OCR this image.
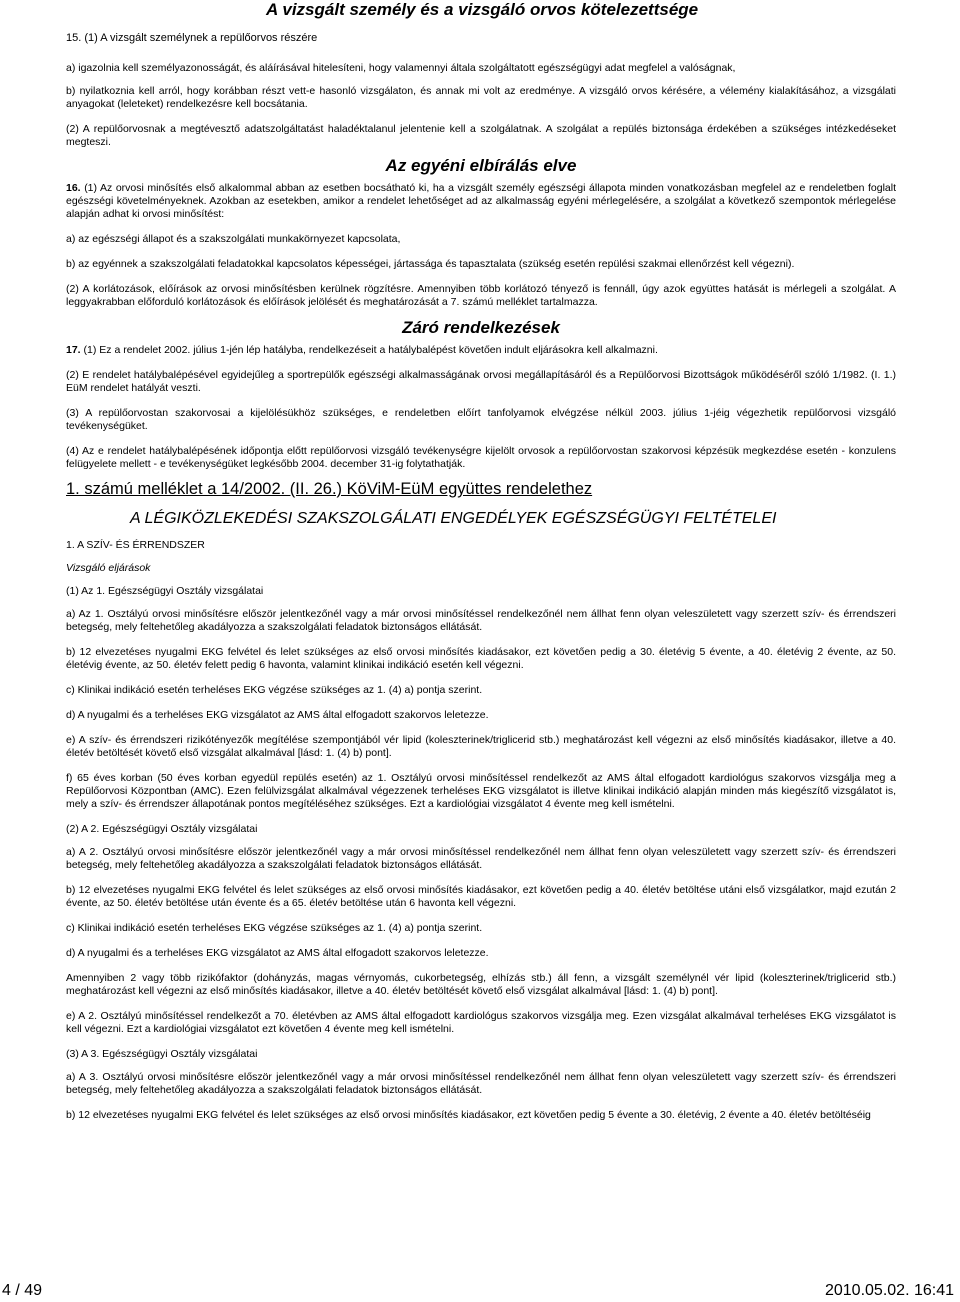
A vizsgált személy és a vizsgáló orvos kötelezettsége
15. (1) A vizsgált személynek a repülőorvos részére

a) igazolnia kell személyazonosságát, és aláírásával hitelesíteni, hogy valamennyi általa szolgáltatott egészségügyi adat megfelel a valóságnak,

b) nyilatkoznia kell arról, hogy korábban részt vett-e hasonló vizsgálaton, és annak mi volt az eredménye. A vizsgáló orvos kérésére, a vélemény kialakításához, a vizsgálati anyagokat (leleteket) rendelkezésre kell bocsátania.

(2) A repülőorvosnak a megtévesztő adatszolgáltatást haladéktalanul jelentenie kell a szolgálatnak. A szolgálat a repülés biztonsága érdekében a szükséges intézkedéseket megteszi.

Az egyéni elbírálás elve

16. (1) Az orvosi minősítés első alkalommal abban az esetben bocsátható ki, ha a vizsgált személy egészségi állapota minden vonatkozásban megfelel az e rendeletben foglalt egészségi követelményeknek. Azokban az esetekben, amikor a rendelet lehetőséget ad az alkalmasság egyéni mérlegelésére, a szolgálat a következő szempontok mérlegelése alapján adhat ki orvosi minősítést:

a) az egészségi állapot és a szakszolgálati munkakörnyezet kapcsolata,

b) az egyénnek a szakszolgálati feladatokkal kapcsolatos képességei, jártassága és tapasztalata (szükség esetén repülési szakmai ellenőrzést kell végezni).

(2) A korlátozások, előírások az orvosi minősítésben kerülnek rögzítésre. Amennyiben több korlátozó tényező is fennáll, úgy azok együttes hatását is mérlegeli a szolgálat. A leggyakrabban előforduló korlátozások és előírások jelölését és meghatározását a 7. számú melléklet tartalmazza.

Záró rendelkezések

17. (1) Ez a rendelet 2002. július 1-jén lép hatályba, rendelkezéseit a hatálybalépést követően indult eljárásokra kell alkalmazni.

(2) E rendelet hatálybalépésével egyidejűleg a sportrepülők egészségi alkalmasságának orvosi megállapításáról és a Repülőorvosi Bizottságok működéséről szóló 1/1982. (I. 1.) EüM rendelet hatályát veszti.

(3) A repülőorvostan szakorvosai a kijelölésükhöz szükséges, e rendeletben előírt tanfolyamok elvégzése nélkül 2003. július 1-jéig végezhetik repülőorvosi vizsgáló tevékenységüket.

(4) Az e rendelet hatálybalépésének időpontja előtt repülőorvosi vizsgáló tevékenységre kijelölt orvosok a repülőorvostan szakorvosi képzésük megkezdése esetén - konzulens felügyelete mellett - e tevékenységüket legkésőbb 2004. december 31-ig folytathatják.

1. számú melléklet a 14/2002. (II. 26.) KöViM-EüM együttes rendelethez
A LÉGIKÖZLEKEDÉSI SZAKSZOLGÁLATI ENGEDÉLYEK EGÉSZSÉGÜGYI FELTÉTELEI

1. A SZÍV- ÉS ÉRRENDSZER

Vizsgáló eljárások

(1) Az 1. Egészségügyi Osztály vizsgálatai

a) Az 1. Osztályú orvosi minősítésre először jelentkezőnél vagy a már orvosi minősítéssel rendelkezőnél nem állhat fenn olyan veleszületett vagy szerzett szív- és érrendszeri betegség, mely feltehetőleg akadályozza a szakszolgálati feladatok biztonságos ellátását.

b) 12 elvezetéses nyugalmi EKG felvétel és lelet szükséges az első orvosi minősítés kiadásakor, ezt követően pedig a 30. életévig 5 évente, a 40. életévig 2 évente, az 50. életévig évente, az 50. életév felett pedig 6 havonta, valamint klinikai indikáció esetén kell végezni.

c) Klinikai indikáció esetén terheléses EKG végzése szükséges az 1. (4) a) pontja szerint.

d) A nyugalmi és a terheléses EKG vizsgálatot az AMS által elfogadott szakorvos leletezze.

e) A szív- és érrendszeri rizikótényezők megítélése szempontjából vér lipid (koleszterinek/triglicerid stb.) meghatározást kell végezni az első minősítés kiadásakor, illetve a 40. életév betöltését követő első vizsgálat alkalmával [lásd: 1. (4) b) pont].

f) 65 éves korban (50 éves korban egyedül repülés esetén) az 1. Osztályú orvosi minősítéssel rendelkezőt az AMS által elfogadott kardiológus szakorvos vizsgálja meg a Repülőorvosi Központban (AMC). Ezen felülvizsgálat alkalmával végezzenek terheléses EKG vizsgálatot is illetve klinikai indikáció alapján minden más kiegészítő vizsgálatot is, mely a szív- és érrendszer állapotának pontos megítéléséhez szükséges. Ezt a kardiológiai vizsgálatot 4 évente meg kell ismételni.

(2) A 2. Egészségügyi Osztály vizsgálatai

a) A 2. Osztályú orvosi minősítésre először jelentkezőnél vagy a már orvosi minősítéssel rendelkezőnél nem állhat fenn olyan veleszületett vagy szerzett szív- és érrendszeri betegség, mely feltehetőleg akadályozza a szakszolgálati feladatok biztonságos ellátását.

b) 12 elvezetéses nyugalmi EKG felvétel és lelet szükséges az első orvosi minősítés kiadásakor, ezt követően pedig a 40. életév betöltése utáni első vizsgálatkor, majd ezután 2 évente, az 50. életév betöltése után évente és a 65. életév betöltése után 6 havonta kell végezni.

c) Klinikai indikáció esetén terheléses EKG végzése szükséges az 1. (4) a) pontja szerint.

d) A nyugalmi és a terheléses EKG vizsgálatot az AMS által elfogadott szakorvos leletezze.

Amennyiben 2 vagy több rizikófaktor (dohányzás, magas vérnyomás, cukorbetegség, elhízás stb.) áll fenn, a vizsgált személynél vér lipid (koleszterinek/triglicerid stb.) meghatározást kell végezni az első minősítés kiadásakor, illetve a 40. életév betöltését követő első vizsgálat alkalmával [lásd: 1. (4) b) pont].

e) A 2. Osztályú minősítéssel rendelkezőt a 70. életévben az AMS által elfogadott kardiológus szakorvos vizsgálja meg. Ezen vizsgálat alkalmával terheléses EKG vizsgálatot is kell végezni. Ezt a kardiológiai vizsgálatot ezt követően 4 évente meg kell ismételni.

(3) A 3. Egészségügyi Osztály vizsgálatai

a) A 3. Osztályú orvosi minősítésre először jelentkezőnél vagy a már orvosi minősítéssel rendelkezőnél nem állhat fenn olyan veleszületett vagy szerzett szív- és érrendszeri betegség, mely feltehetőleg akadályozza a szakszolgálati feladatok biztonságos ellátását.

b) 12 elvezetéses nyugalmi EKG felvétel és lelet szükséges az első orvosi minősítés kiadásakor, ezt követően pedig 5 évente a 30. életévig, 2 évente a 40. életév betöltéséig

4 / 49	2010.05.02. 16:41
